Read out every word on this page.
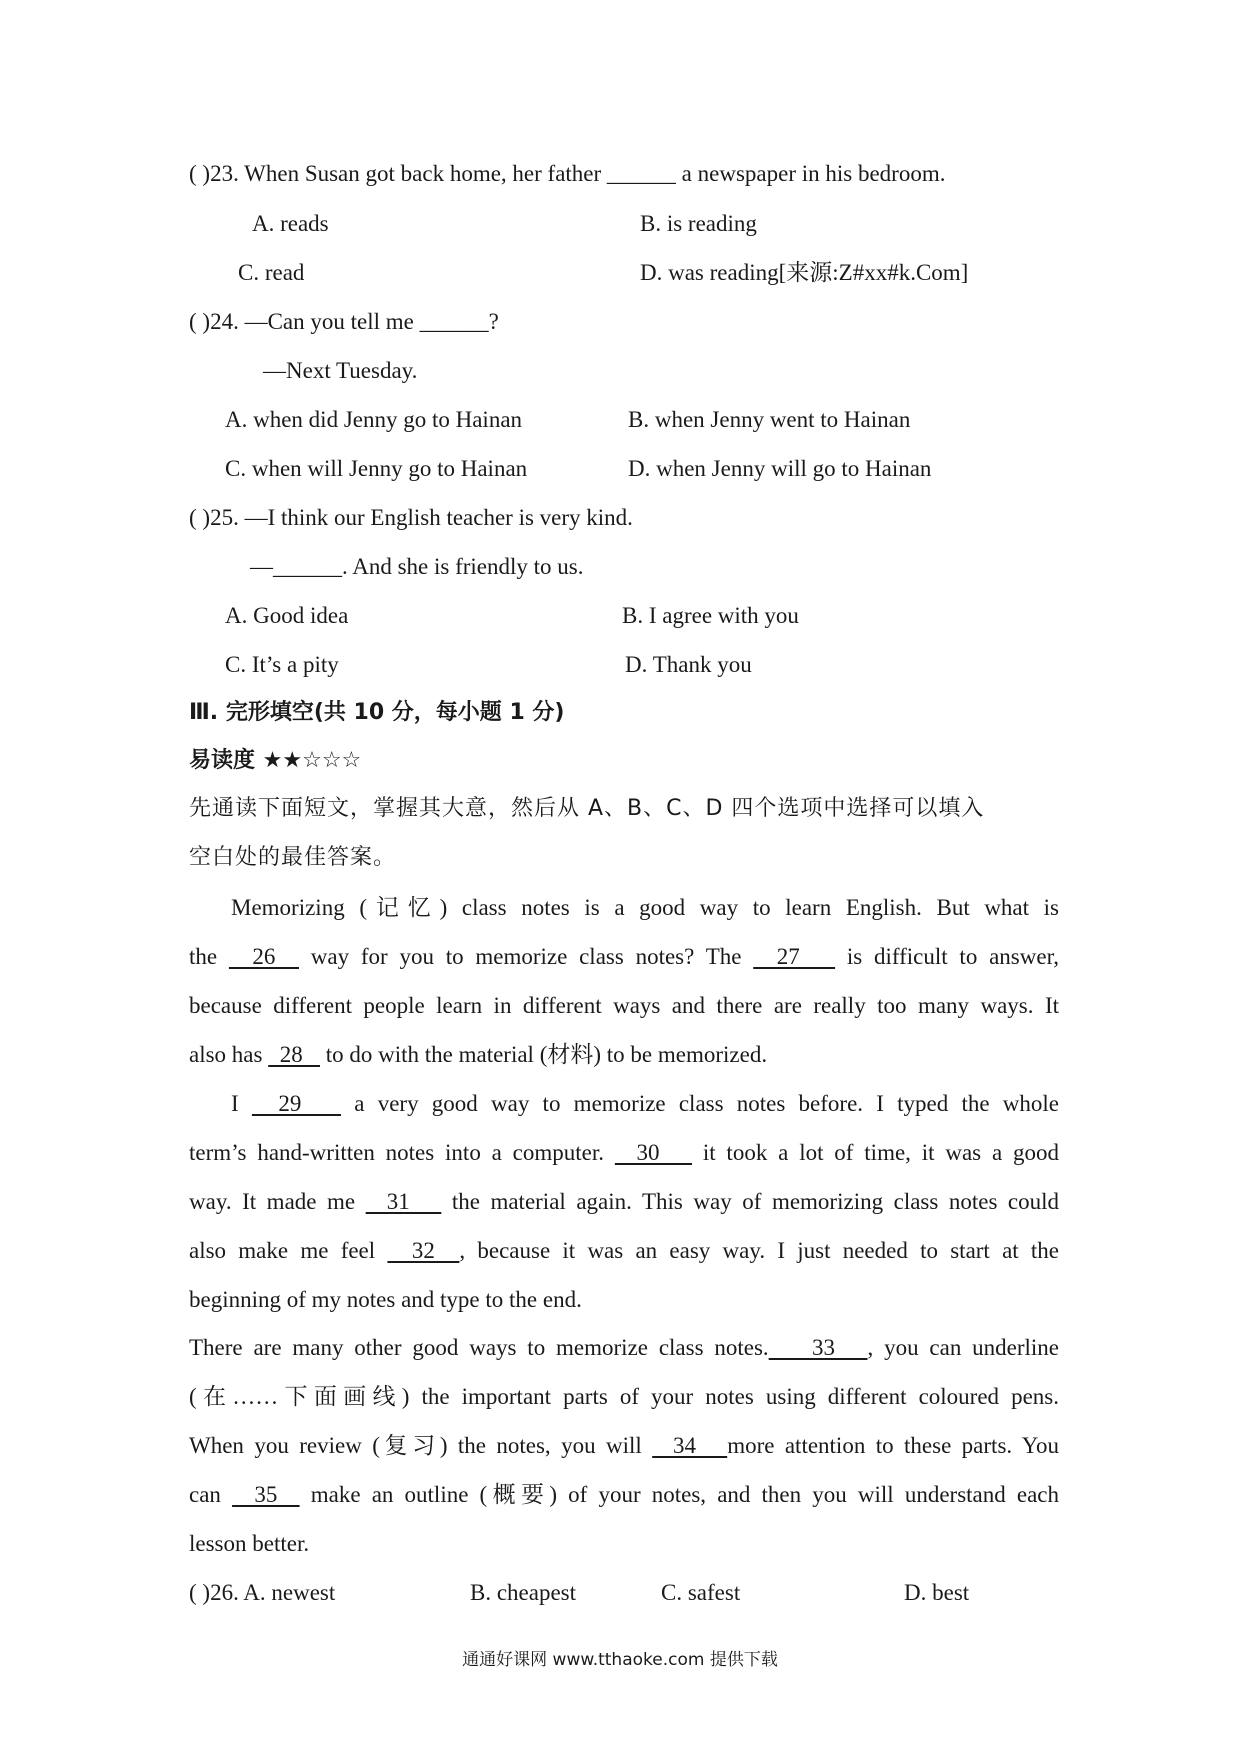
( )23. When Susan got back home, her father ______ a newspaper in his bedroom.
A. reads	B. is reading
C. read	D. was reading[来源:Z#xx#k.Com]
( )24. —Can you tell me ______?
—Next Tuesday.
A. when did Jenny go to Hainan	B. when Jenny went to Hainan
C. when will Jenny go to Hainan	D. when Jenny will go to Hainan
( )25. —I think our English teacher is very kind.
—______. And she is friendly to us.
A. Good idea	B. I agree with you
C. It’s a pity	D. Thank you
Ⅲ. 完形填空(共 10 分，每小题 1 分)
易读度 ★★☆☆☆
先通读下面短文，掌握其大意，然后从 A、B、C、D 四个选项中选择可以填入
空白处的最佳答案。
Memorizing (记忆) class notes is a good way to learn English. But what is
the   26   way for you to memorize class notes? The   27    is difficult to answer,
because different people learn in different ways and there are really too many ways. It
also has   28    to do with the material (材料) to be memorized.
I   29    a very good way to memorize class notes before. I typed the whole
term’s hand-written notes into a computer.   30    it took a lot of time, it was a good
way. It made me   31    the material again. This way of memorizing class notes could
also make me feel   32  , because it was an easy way. I just needed to start at the
beginning of my notes and type to the end.
There are many other good ways to memorize class notes.    33   , you can underline
(在……下面画线) the important parts of your notes using different coloured pens.
When you review (复习) the notes, you will   34   more attention to these parts. You
can   35   make an outline (概要) of your notes, and then you will understand each
lesson better.
( )26. A. newest	B. cheapest	C. safest	D. best
通通好课网 www.tthaoke.com 提供下载
